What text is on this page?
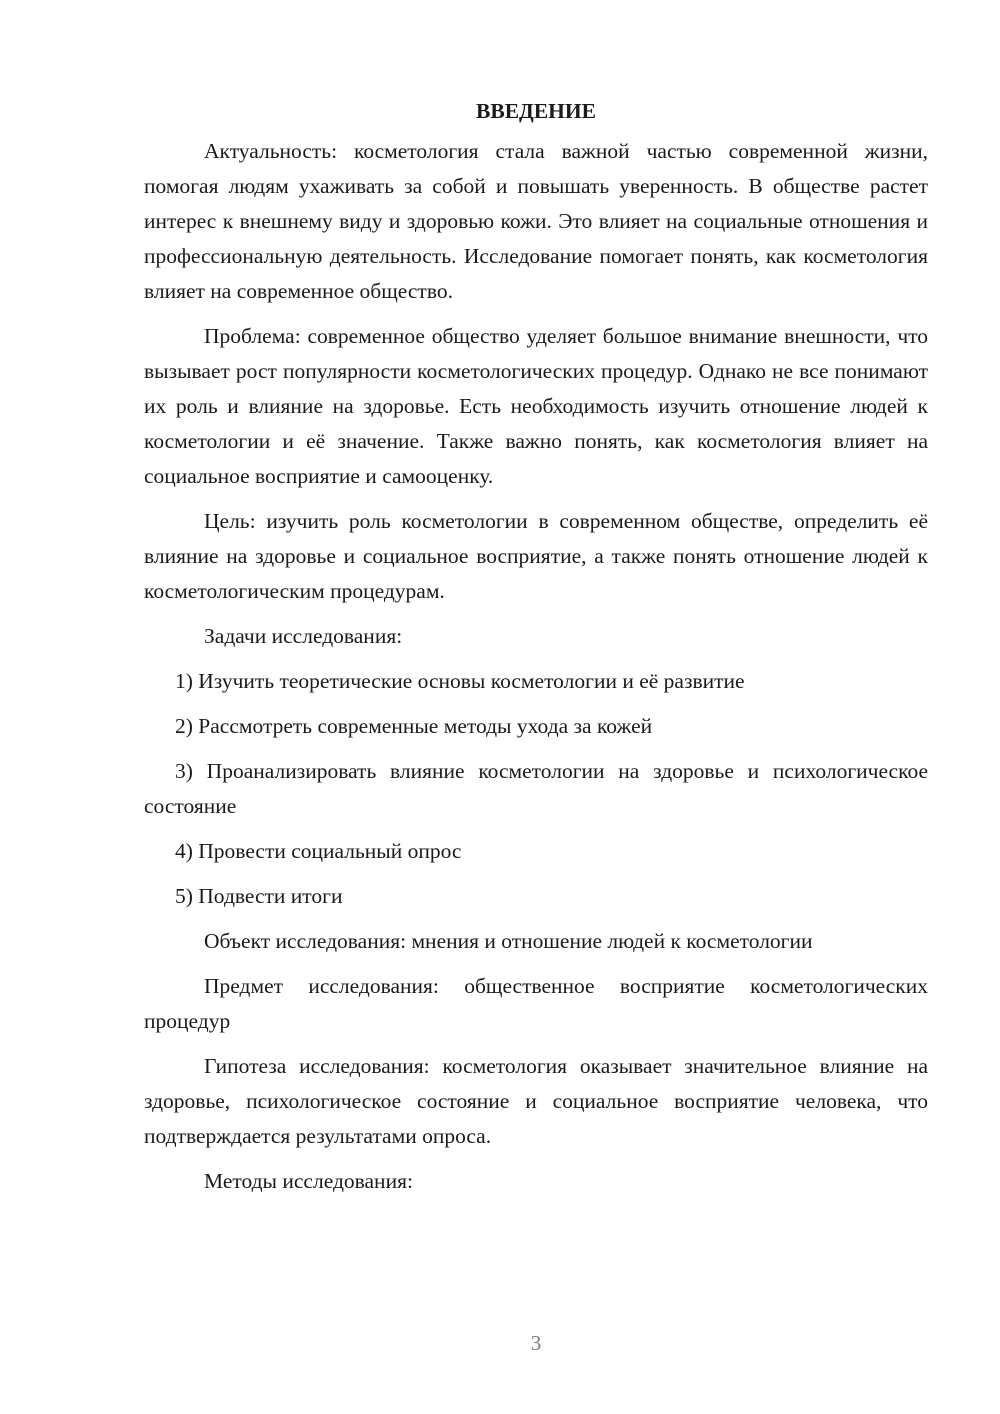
ВВЕДЕНИЕ

Актуальность: косметология стала важной частью современной жизни, помогая людям ухаживать за собой и повышать уверенность. В обществе растет интерес к внешнему виду и здоровью кожи. Это влияет на социальные отношения и профессиональную деятельность. Исследование помогает понять, как косметология влияет на современное общество.

Проблема: современное общество уделяет большое внимание внешности, что вызывает рост популярности косметологических процедур. Однако не все понимают их роль и влияние на здоровье. Есть необходимость изучить отношение людей к косметологии и её значение. Также важно понять, как косметология влияет на социальное восприятие и самооценку.

Цель: изучить роль косметологии в современном обществе, определить её влияние на здоровье и социальное восприятие, а также понять отношение людей к косметологическим процедурам.

Задачи исследования:

1) Изучить теоретические основы косметологии и её развитие

2) Рассмотреть современные методы ухода за кожей

3) Проанализировать влияние косметологии на здоровье и психологическое состояние

4) Провести социальный опрос

5) Подвести итоги

Объект исследования: мнения и отношение людей к косметологии

Предмет исследования: общественное восприятие косметологических процедур

Гипотеза исследования: косметология оказывает значительное влияние на здоровье, психологическое состояние и социальное восприятие человека, что подтверждается результатами опроса.

Методы исследования:

3
